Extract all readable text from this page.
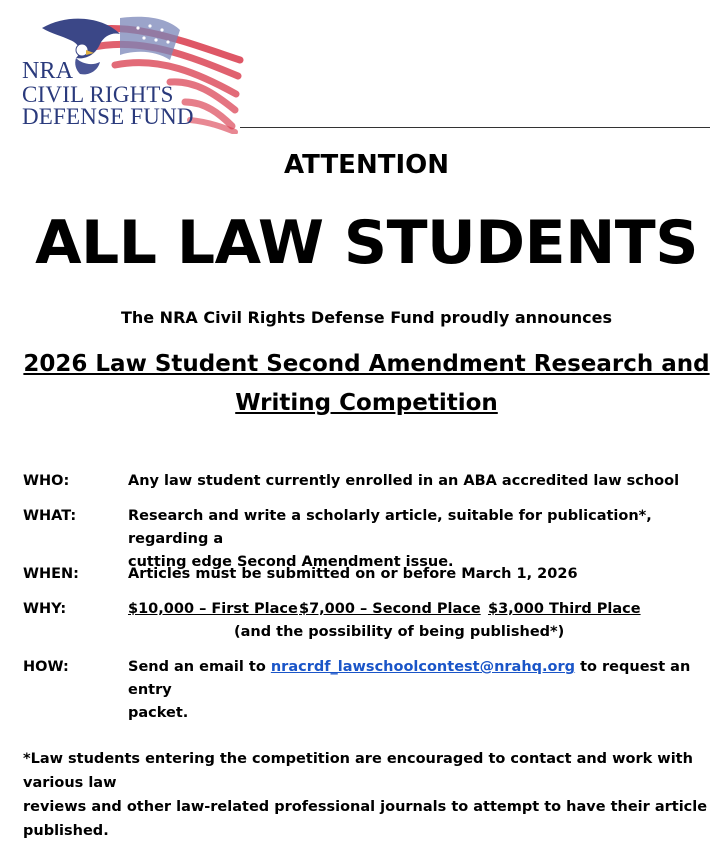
NRA
CIVIL RIGHTS
DEFENSE FUND
ATTENTION
ALL LAW STUDENTS
The NRA Civil Rights Defense Fund proudly announces
2026 Law Student Second Amendment Research and
Writing Competition
WHO:	Any law student currently enrolled in an ABA accredited law school
WHAT:	Research and write a scholarly article, suitable for publication*, regarding a
cutting edge Second Amendment issue.
WHEN:	Articles must be submitted on or before March 1, 2026
WHY:	$10,000 – First Place $7,000 – Second Place $3,000 Third Place
(and the possibility of being published*)
HOW:	Send an email to nracrdf_lawschoolcontest@nrahq.org to request an entry
packet.
*Law students entering the competition are encouraged to contact and work with various law
reviews and other law-related professional journals to attempt to have their article
published.
